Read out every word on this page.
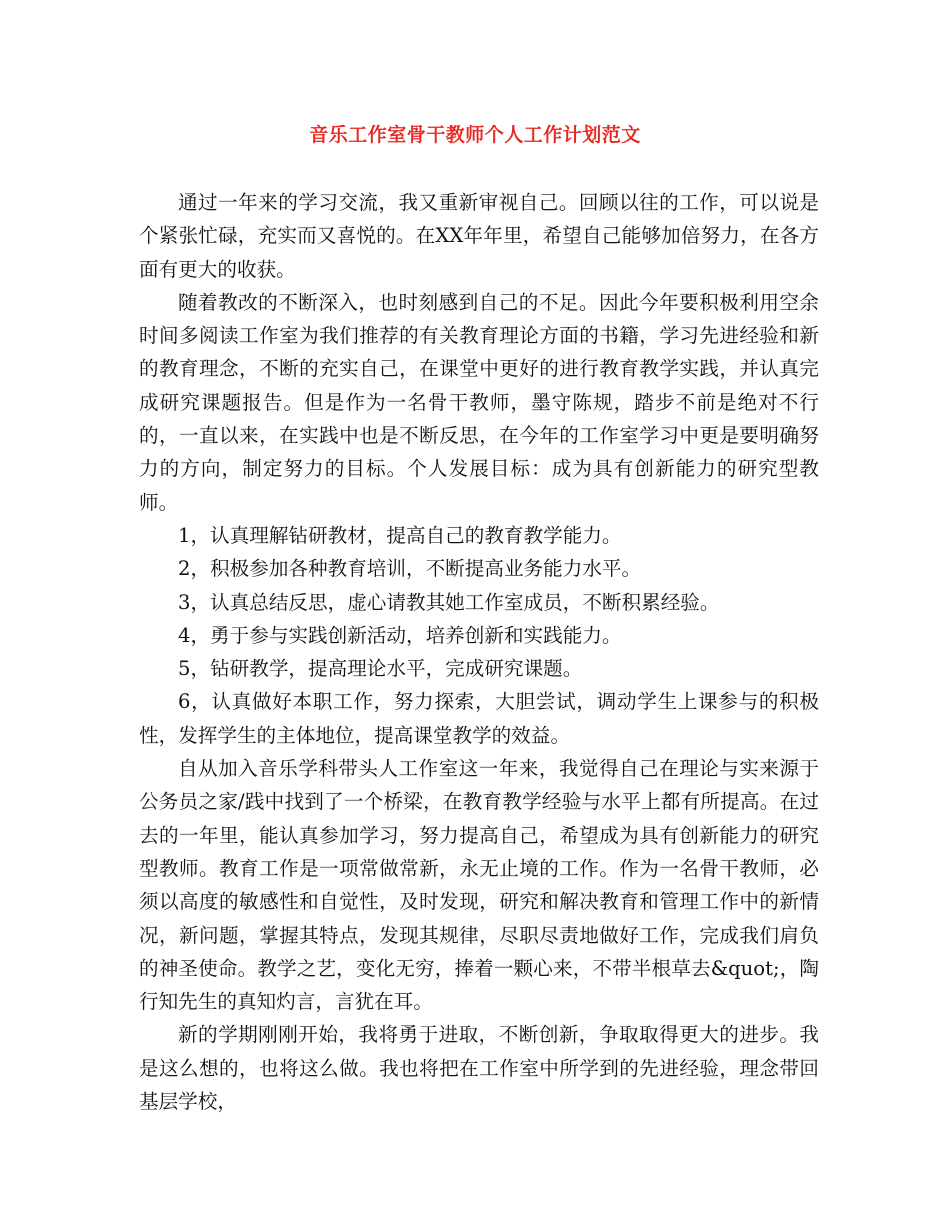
音乐工作室骨干教师个人工作计划范文

通过一年来的学习交流，我又重新审视自己。回顾以往的工作，可以说是个紧张忙碌，充实而又喜悦的。在XX年年里，希望自己能够加倍努力，在各方面有更大的收获。

随着教改的不断深入，也时刻感到自己的不足。因此今年要积极利用空余时间多阅读工作室为我们推荐的有关教育理论方面的书籍，学习先进经验和新的教育理念，不断的充实自己，在课堂中更好的进行教育教学实践，并认真完成研究课题报告。但是作为一名骨干教师，墨守陈规，踏步不前是绝对不行的，一直以来，在实践中也是不断反思，在今年的工作室学习中更是要明确努力的方向，制定努力的目标。个人发展目标：成为具有创新能力的研究型教师。

1，认真理解钻研教材，提高自己的教育教学能力。

2，积极参加各种教育培训，不断提高业务能力水平。

3，认真总结反思，虚心请教其她工作室成员，不断积累经验。

4，勇于参与实践创新活动，培养创新和实践能力。

5，钻研教学，提高理论水平，完成研究课题。

6，认真做好本职工作，努力探索，大胆尝试，调动学生上课参与的积极性，发挥学生的主体地位，提高课堂教学的效益。

自从加入音乐学科带头人工作室这一年来，我觉得自己在理论与实来源于公务员之家/践中找到了一个桥梁，在教育教学经验与水平上都有所提高。在过去的一年里，能认真参加学习，努力提高自己，希望成为具有创新能力的研究型教师。教育工作是一项常做常新，永无止境的工作。作为一名骨干教师，必须以高度的敏感性和自觉性，及时发现，研究和解决教育和管理工作中的新情况，新问题，掌握其特点，发现其规律，尽职尽责地做好工作，完成我们肩负的神圣使命。教学之艺，变化无穷，捧着一颗心来，不带半根草去&quot;，陶行知先生的真知灼言，言犹在耳。

新的学期刚刚开始，我将勇于进取，不断创新，争取取得更大的进步。我是这么想的，也将这么做。我也将把在工作室中所学到的先进经验，理念带回基层学校，
